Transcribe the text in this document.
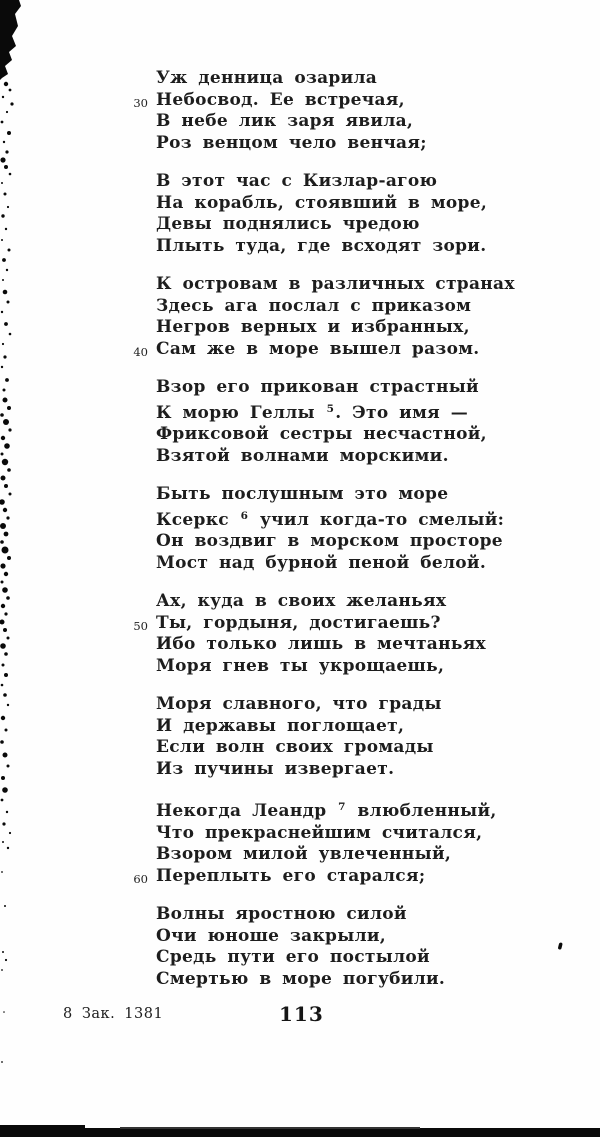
Уж денница озарила
30 Небосвод. Ее встречая,
В небе лик заря явила,
Роз венцом чело венчая;
В этот час с Кизлар-агою
На корабль, стоявший в море,
Девы поднялись чредою
Плыть туда, где всходят зори.
К островам в различных странах
Здесь ага послал с приказом
Негров верных и избранных,
40 Сам же в море вышел разом.
Взор его прикован страстный
К морю Геллы $^5$. Это имя —
Фриксовой сестры несчастной,
Взятой волнами морскими.
Быть послушным это море
Ксеркс $^6$ учил когда-то смелый:
Он воздвиг в морском просторе
Мост над бурной пеной белой.
Ах, куда в своих желаньях
50 Ты, гордыня, достигаешь?
Ибо только лишь в мечтаньях
Моря гнев ты укрощаешь,
Моря славного, что грады
И державы поглощает,
Если волн своих громады
Из пучины извергает.
Некогда Леандр $^7$ влюбленный,
Что прекраснейшим считался,
Взором милой увлеченный,
60 Переплыть его старался;
Волны яростною силой
Очи юноше закрыли,
Средь пути его постылой
Смертью в море погубили.
8 Зак. 1381	113
